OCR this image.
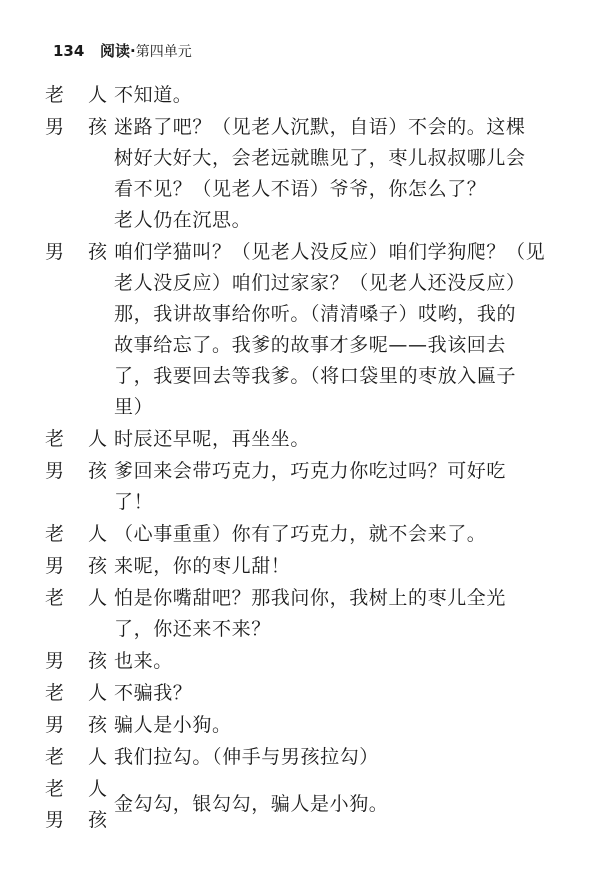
134 阅读·第四单元
老 人 不知道。
男 孩 迷路了吧？（见老人沉默，自语）不会的。这棵
树好大好大，会老远就瞧见了，枣儿叔叔哪儿会
看不见？（见老人不语）爷爷，你怎么了？
老人仍在沉思。
男 孩 咱们学猫叫？（见老人没反应）咱们学狗爬？（见
老人没反应）咱们过家家？（见老人还没反应）
那，我讲故事给你听。（清清嗓子）哎哟，我的
故事给忘了。我爹的故事才多呢——我该回去
了，我要回去等我爹。（将口袋里的枣放入匾子
里）
老 人 时辰还早呢，再坐坐。
男 孩 爹回来会带巧克力，巧克力你吃过吗？可好吃
了！
老 人 （心事重重）你有了巧克力，就不会来了。
男 孩 来呢，你的枣儿甜！
老 人 怕是你嘴甜吧？那我问你，我树上的枣儿全光
了，你还来不来？
男 孩 也来。
老 人 不骗我？
男 孩 骗人是小狗。
老 人 我们拉勾。（伸手与男孩拉勾）
老 人
男 孩
金勾勾，银勾勾，骗人是小狗。
